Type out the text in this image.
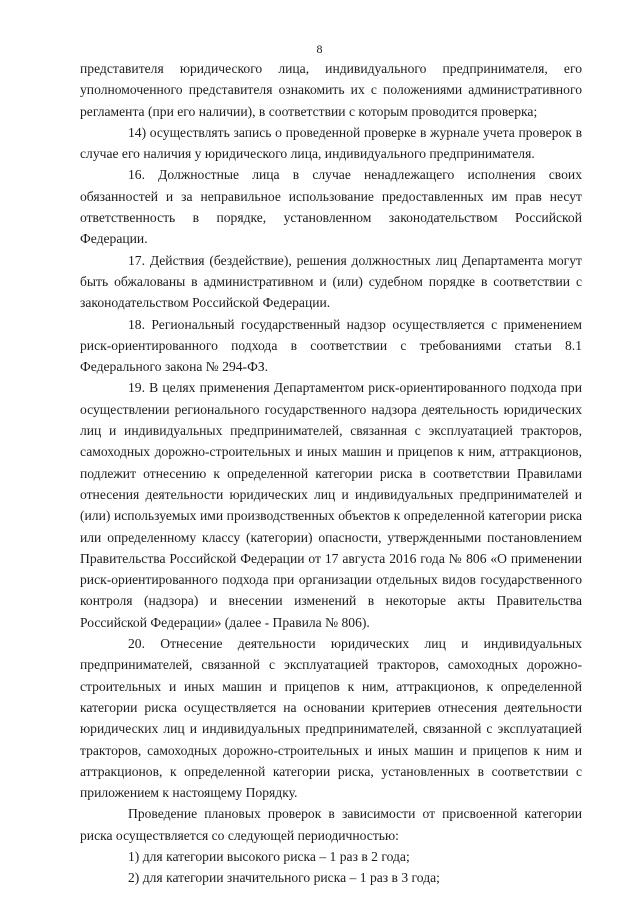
8

представителя юридического лица, индивидуального предпринимателя, его уполномоченного представителя ознакомить их с положениями административного регламента (при его наличии), в соответствии с которым проводится проверка;

14) осуществлять запись о проведенной проверке в журнале учета проверок в случае его наличия у юридического лица, индивидуального предпринимателя.

16. Должностные лица в случае ненадлежащего исполнения своих обязанностей и за неправильное использование предоставленных им прав несут ответственность в порядке, установленном законодательством Российской Федерации.

17. Действия (бездействие), решения должностных лиц Департамента могут быть обжалованы в административном и (или) судебном порядке в соответствии с законодательством Российской Федерации.

18. Региональный государственный надзор осуществляется с применением риск-ориентированного подхода в соответствии с требованиями статьи 8.1 Федерального закона № 294-ФЗ.

19. В целях применения Департаментом риск-ориентированного подхода при осуществлении регионального государственного надзора деятельность юридических лиц и индивидуальных предпринимателей, связанная с эксплуатацией тракторов, самоходных дорожно-строительных и иных машин и прицепов к ним, аттракционов, подлежит отнесению к определенной категории риска в соответствии Правилами отнесения деятельности юридических лиц и индивидуальных предпринимателей и (или) используемых ими производственных объектов к определенной категории риска или определенному классу (категории) опасности, утвержденными постановлением Правительства Российской Федерации от 17 августа 2016 года № 806 «О применении риск-ориентированного подхода при организации отдельных видов государственного контроля (надзора) и внесении изменений в некоторые акты Правительства Российской Федерации» (далее - Правила № 806).

20. Отнесение деятельности юридических лиц и индивидуальных предпринимателей, связанной с эксплуатацией тракторов, самоходных дорожно-строительных и иных машин и прицепов к ним, аттракционов, к определенной категории риска осуществляется на основании критериев отнесения деятельности юридических лиц и индивидуальных предпринимателей, связанной с эксплуатацией тракторов, самоходных дорожно-строительных и иных машин и прицепов к ним и аттракционов, к определенной категории риска, установленных в соответствии с приложением к настоящему Порядку.

Проведение плановых проверок в зависимости от присвоенной категории риска осуществляется со следующей периодичностью:

1) для категории высокого риска – 1 раз в 2 года;

2) для категории значительного риска – 1 раз в 3 года;
